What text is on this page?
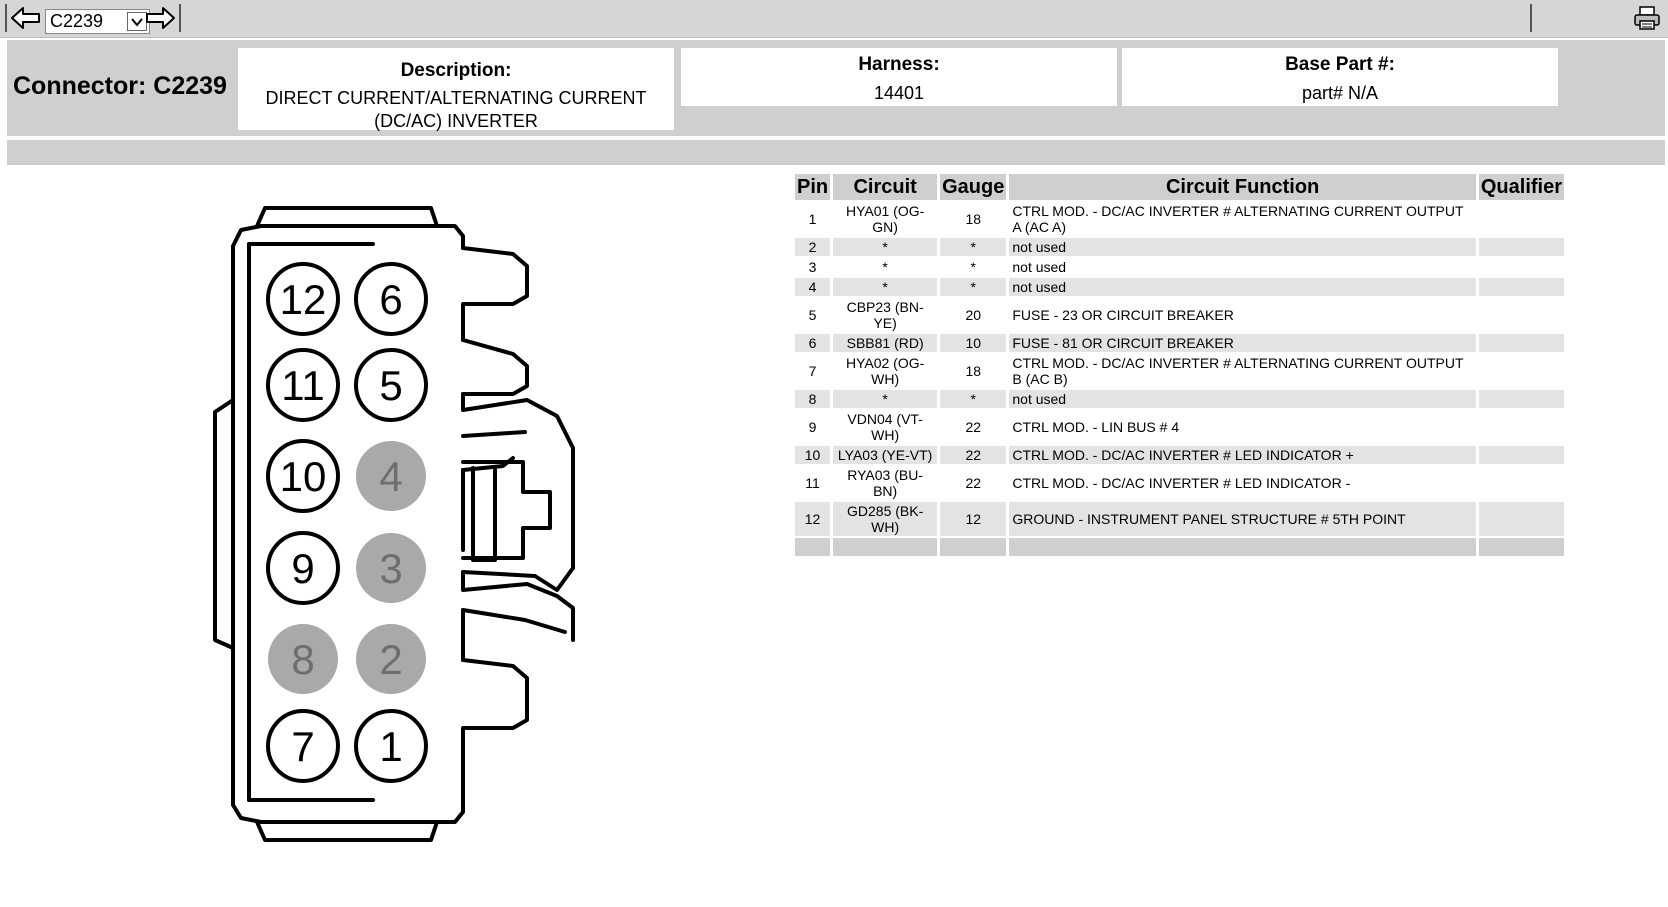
C2239
Connector: C2239
Description:
DIRECT CURRENT/ALTERNATING CURRENT (DC/AC) INVERTER
Harness:
14401
Base Part #:
part# N/A
12 6
11 5
10 4
9 3
8 2
7 1
Pin	Circuit	Gauge	Circuit Function	Qualifier
1	HYA01 (OG-GN)	18	CTRL MOD. - DC/AC INVERTER # ALTERNATING CURRENT OUTPUT A (AC A)	
2	*	*	not used	
3	*	*	not used	
4	*	*	not used	
5	CBP23 (BN-YE)	20	FUSE - 23 OR CIRCUIT BREAKER	
6	SBB81 (RD)	10	FUSE - 81 OR CIRCUIT BREAKER	
7	HYA02 (OG-WH)	18	CTRL MOD. - DC/AC INVERTER # ALTERNATING CURRENT OUTPUT B (AC B)	
8	*	*	not used	
9	VDN04 (VT-WH)	22	CTRL MOD. - LIN BUS # 4	
10	LYA03 (YE-VT)	22	CTRL MOD. - DC/AC INVERTER # LED INDICATOR +	
11	RYA03 (BU-BN)	22	CTRL MOD. - DC/AC INVERTER # LED INDICATOR -	
12	GD285 (BK-WH)	12	GROUND - INSTRUMENT PANEL STRUCTURE # 5TH POINT	
